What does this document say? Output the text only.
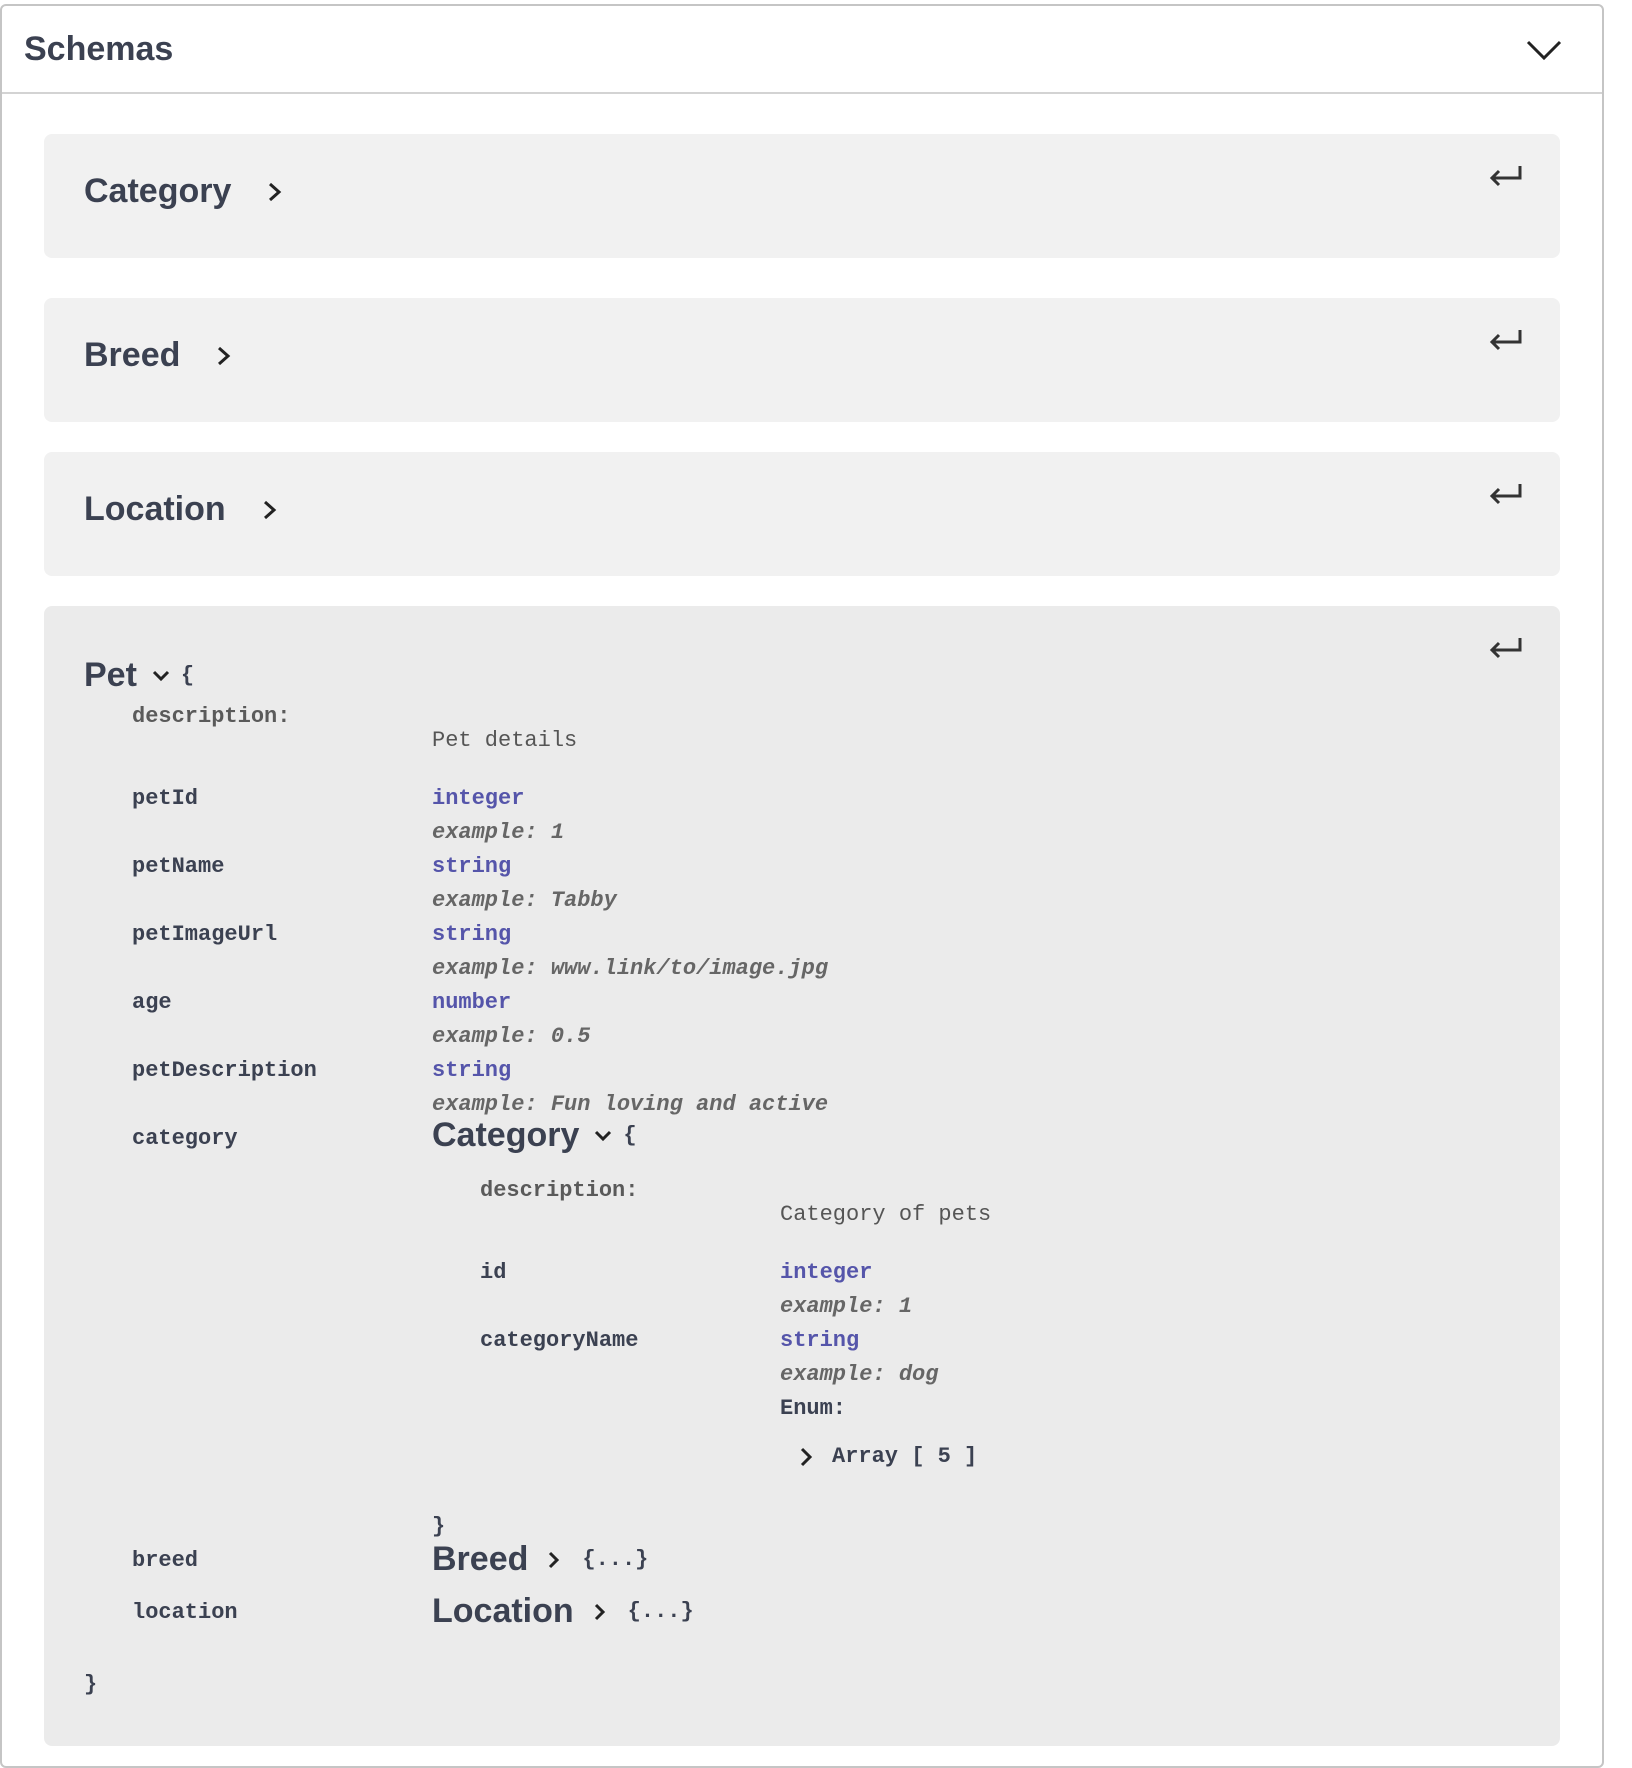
Schemas
Category
Breed
Location
Pet {
description:
Pet details
petId	integer
example: 1
petName	string
example: Tabby
petImageUrl	string
example: www.link/to/image.jpg
age	number
example: 0.5
petDescription	string
example: Fun loving and active
category	Category {
description:
Category of pets
id	integer
example: 1
categoryName	string
example: dog
Enum:
Array [ 5 ]
}
breed	Breed {...}
location	Location {...}
}
